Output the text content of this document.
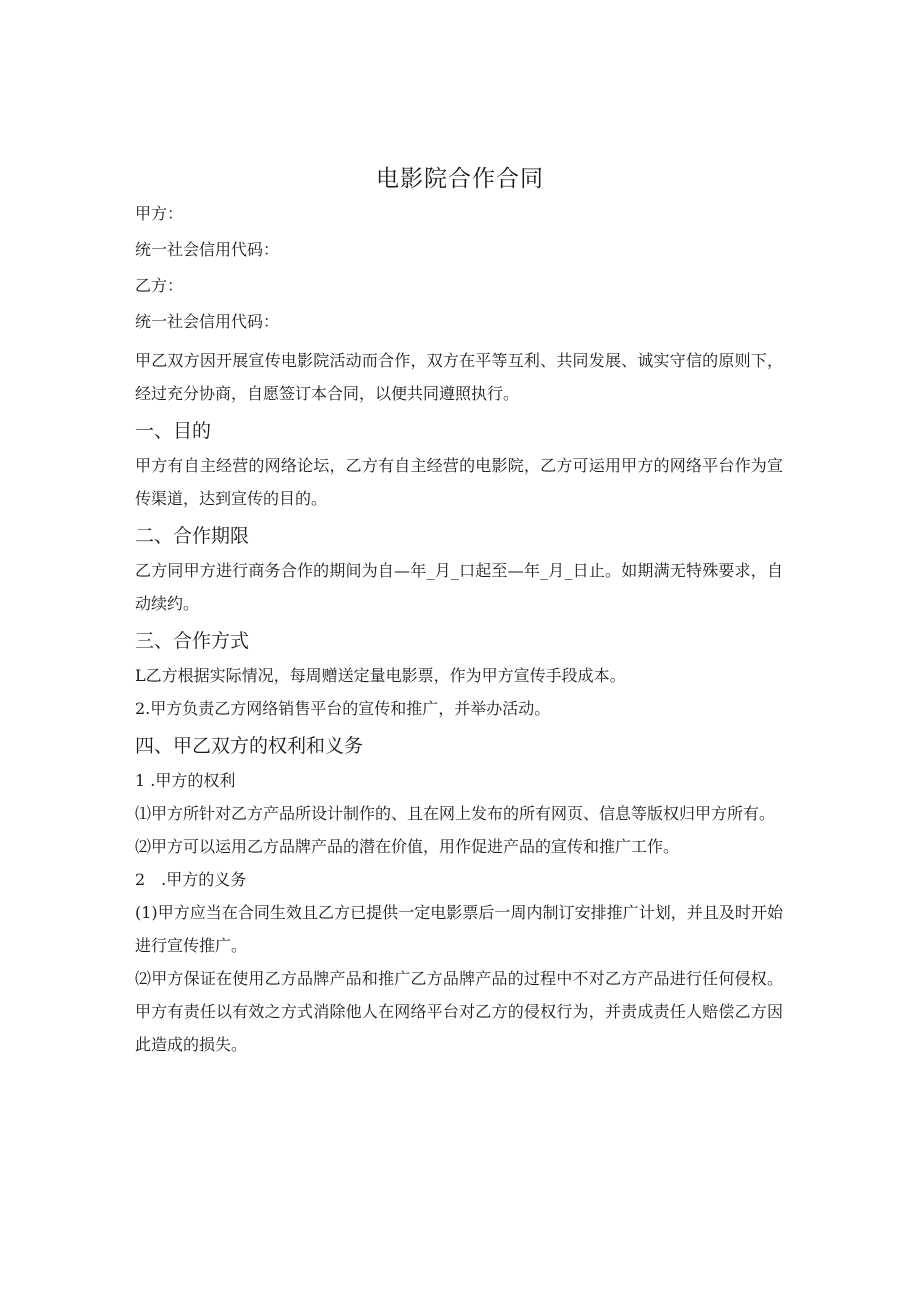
电影院合作合同

甲方：

统一社会信用代码：

乙方：

统一社会信用代码：

甲乙双方因开展宣传电影院活动而合作，双方在平等互利、共同发展、诚实守信的原则下，经过充分协商，自愿签订本合同，以便共同遵照执行。

一、目的

甲方有自主经营的网络论坛，乙方有自主经营的电影院，乙方可运用甲方的网络平台作为宣传渠道，达到宣传的目的。

二、合作期限

乙方同甲方进行商务合作的期间为自—年_月_口起至—年_月_日止。如期满无特殊要求，自动续约。

三、合作方式

L乙方根据实际情况，每周赠送定量电影票，作为甲方宣传手段成本。

2.甲方负责乙方网络销售平台的宣传和推广，并举办活动。

四、甲乙双方的权利和义务

1 .甲方的权利

⑴甲方所针对乙方产品所设计制作的、且在网上发布的所有网页、信息等版权归甲方所有。

⑵甲方可以运用乙方品牌产品的潜在价值，用作促进产品的宣传和推广工作。

2　.甲方的义务

(1)甲方应当在合同生效且乙方已提供一定电影票后一周内制订安排推广计划，并且及时开始进行宣传推广。

⑵甲方保证在使用乙方品牌产品和推广乙方品牌产品的过程中不对乙方产品进行任何侵权。甲方有责任以有效之方式消除他人在网络平台对乙方的侵权行为，并责成责任人赔偿乙方因此造成的损失。
